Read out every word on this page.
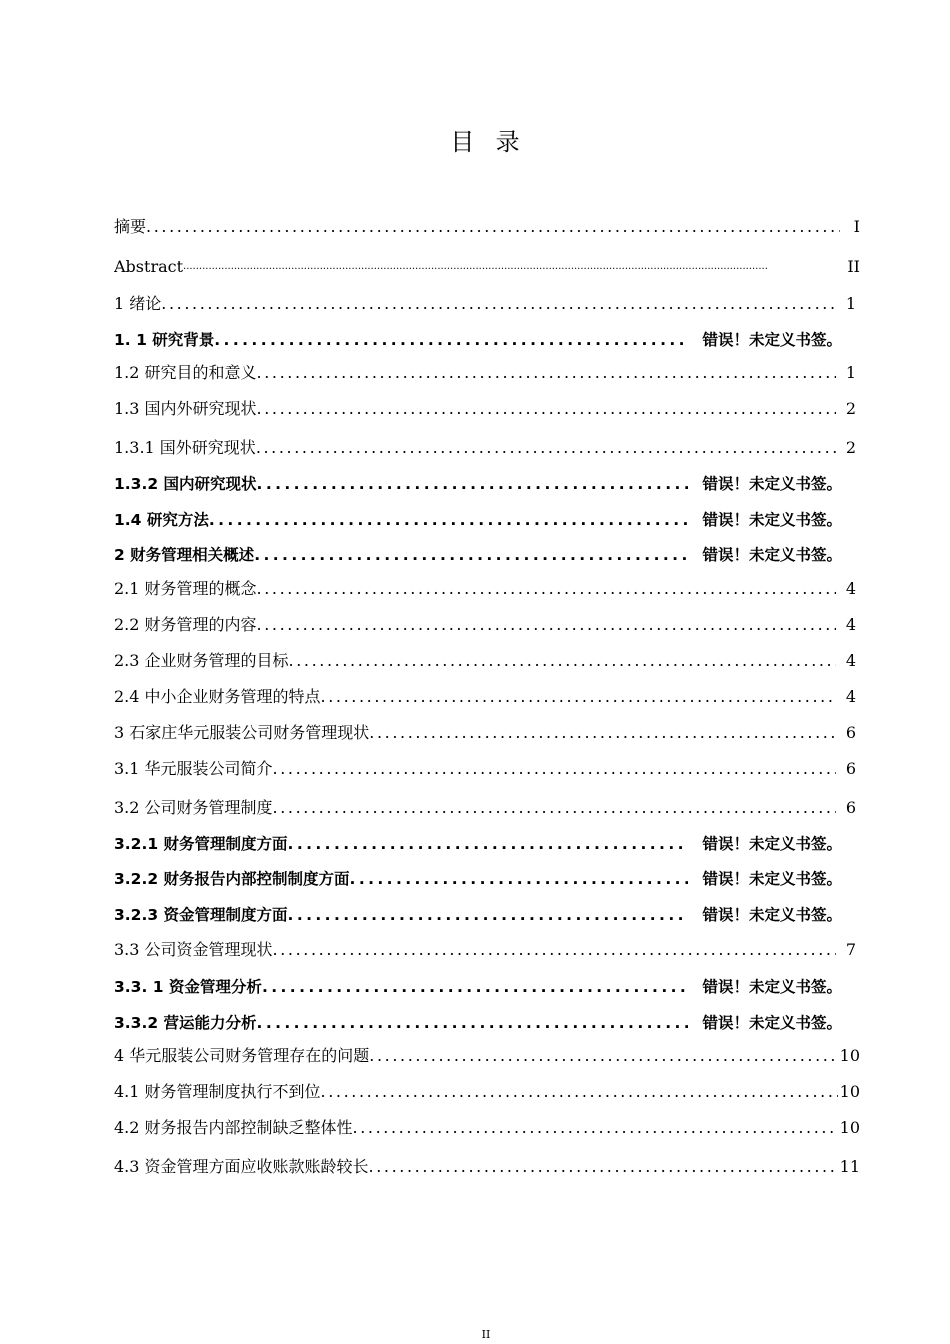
目  录
摘要 .....	I
Abstract .....	II
1 绪论 .....	1
1. 1 研究背景 .....	错误！未定义书签。
1.2 研究目的和意义 .....	1
1.3 国内外研究现状 .....	2
1.3.1 国外研究现状 .....	2
1.3.2 国内研究现状 .....	错误！未定义书签。
1.4 研究方法 .....	错误！未定义书签。
2 财务管理相关概述 .....	错误！未定义书签。
2.1 财务管理的概念 .....	4
2.2 财务管理的内容 .....	4
2.3 企业财务管理的目标 .....	4
2.4 中小企业财务管理的特点 .....	4
3 石家庄华元服装公司财务管理现状 .....	6
3.1 华元服装公司简介 .....	6
3.2 公司财务管理制度 .....	6
3.2.1 财务管理制度方面 .....	错误！未定义书签。
3.2.2 财务报告内部控制制度方面 .....	错误！未定义书签。
3.2.3 资金管理制度方面 .....	错误！未定义书签。
3.3 公司资金管理现状 .....	7
3.3. 1 资金管理分析 .....	错误！未定义书签。
3.3.2 营运能力分析 .....	错误！未定义书签。
4 华元服装公司财务管理存在的问题 .....	10
4.1 财务管理制度执行不到位 .....	10
4.2 财务报告内部控制缺乏整体性 .....	10
4.3 资金管理方面应收账款账龄较长 .....	11
II
